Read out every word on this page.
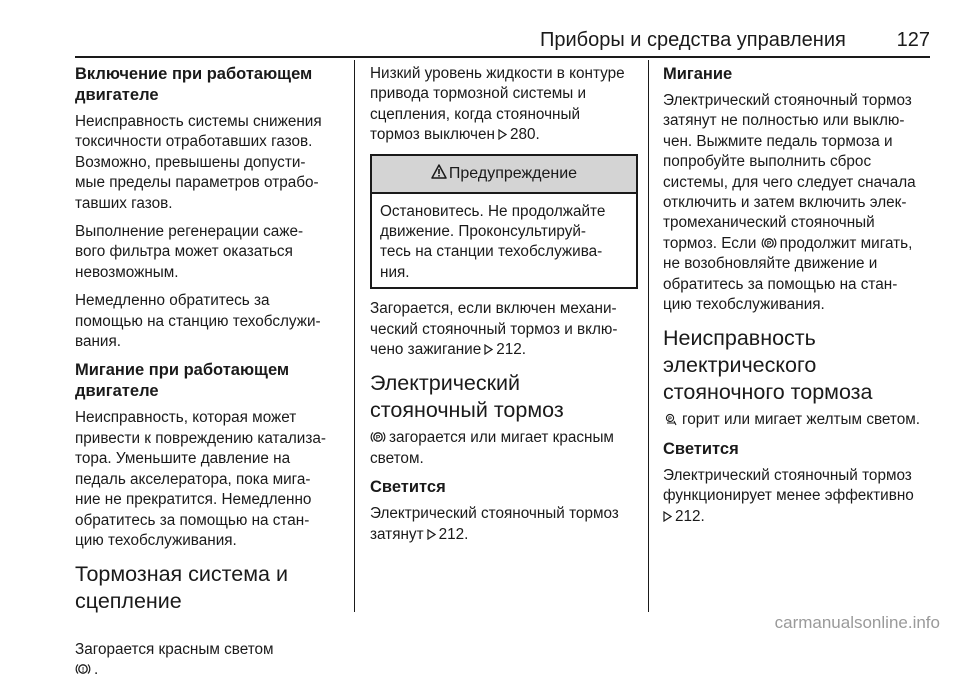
Приборы и средства управления	127
Включение при работающем
двигателе

Неисправность системы снижения
токсичности отработавших газов.
Возможно, превышены допусти-
мые пределы параметров отрабо-
тавших газов.

Выполнение регенерации саже-
вого фильтра может оказаться
невозможным.

Немедленно обратитесь за
помощью на станцию техобслужи-
вания.

Мигание при работающем
двигателе

Неисправность, которая может
привести к повреждению катализа-
тора. Уменьшите давление на
педаль акселератора, пока мига-
ние не прекратится. Немедленно
обратитесь за помощью на стан-
цию техобслуживания.

Тормозная система и
сцепление

Загорается красным светом

! .

Низкий уровень жидкости в контуре
привода тормозной системы и
сцепления, когда стояночный
тормоз выключен 280.

Предупреждение
Остановитесь. Не продолжайте
движение. Проконсультируй-
тесь на станции техобслужива-
ния.

Загорается, если включен механи-
ческий стояночный тормоз и вклю-
чено зажигание 212.

Электрический
стояночный тормоз

P загорается или мигает красным
светом.

Светится

Электрический стояночный тормоз
затянут 212.

Мигание

Электрический стояночный тормоз
затянут не полностью или выклю-
чен. Выжмите педаль тормоза и
попробуйте выполнить сброс
системы, для чего следует сначала
отключить и затем включить элек-
тромеханический стояночный
тормоз. Если P продолжит мигать,
не возобновляйте движение и
обратитесь за помощью на стан-
цию техобслуживания.

Неисправность
электрического
стояночного тормоза

P горит или мигает желтым светом.

Светится

Электрический стояночный тормоз
функционирует менее эффективно
212.

carmanualsonline.info
